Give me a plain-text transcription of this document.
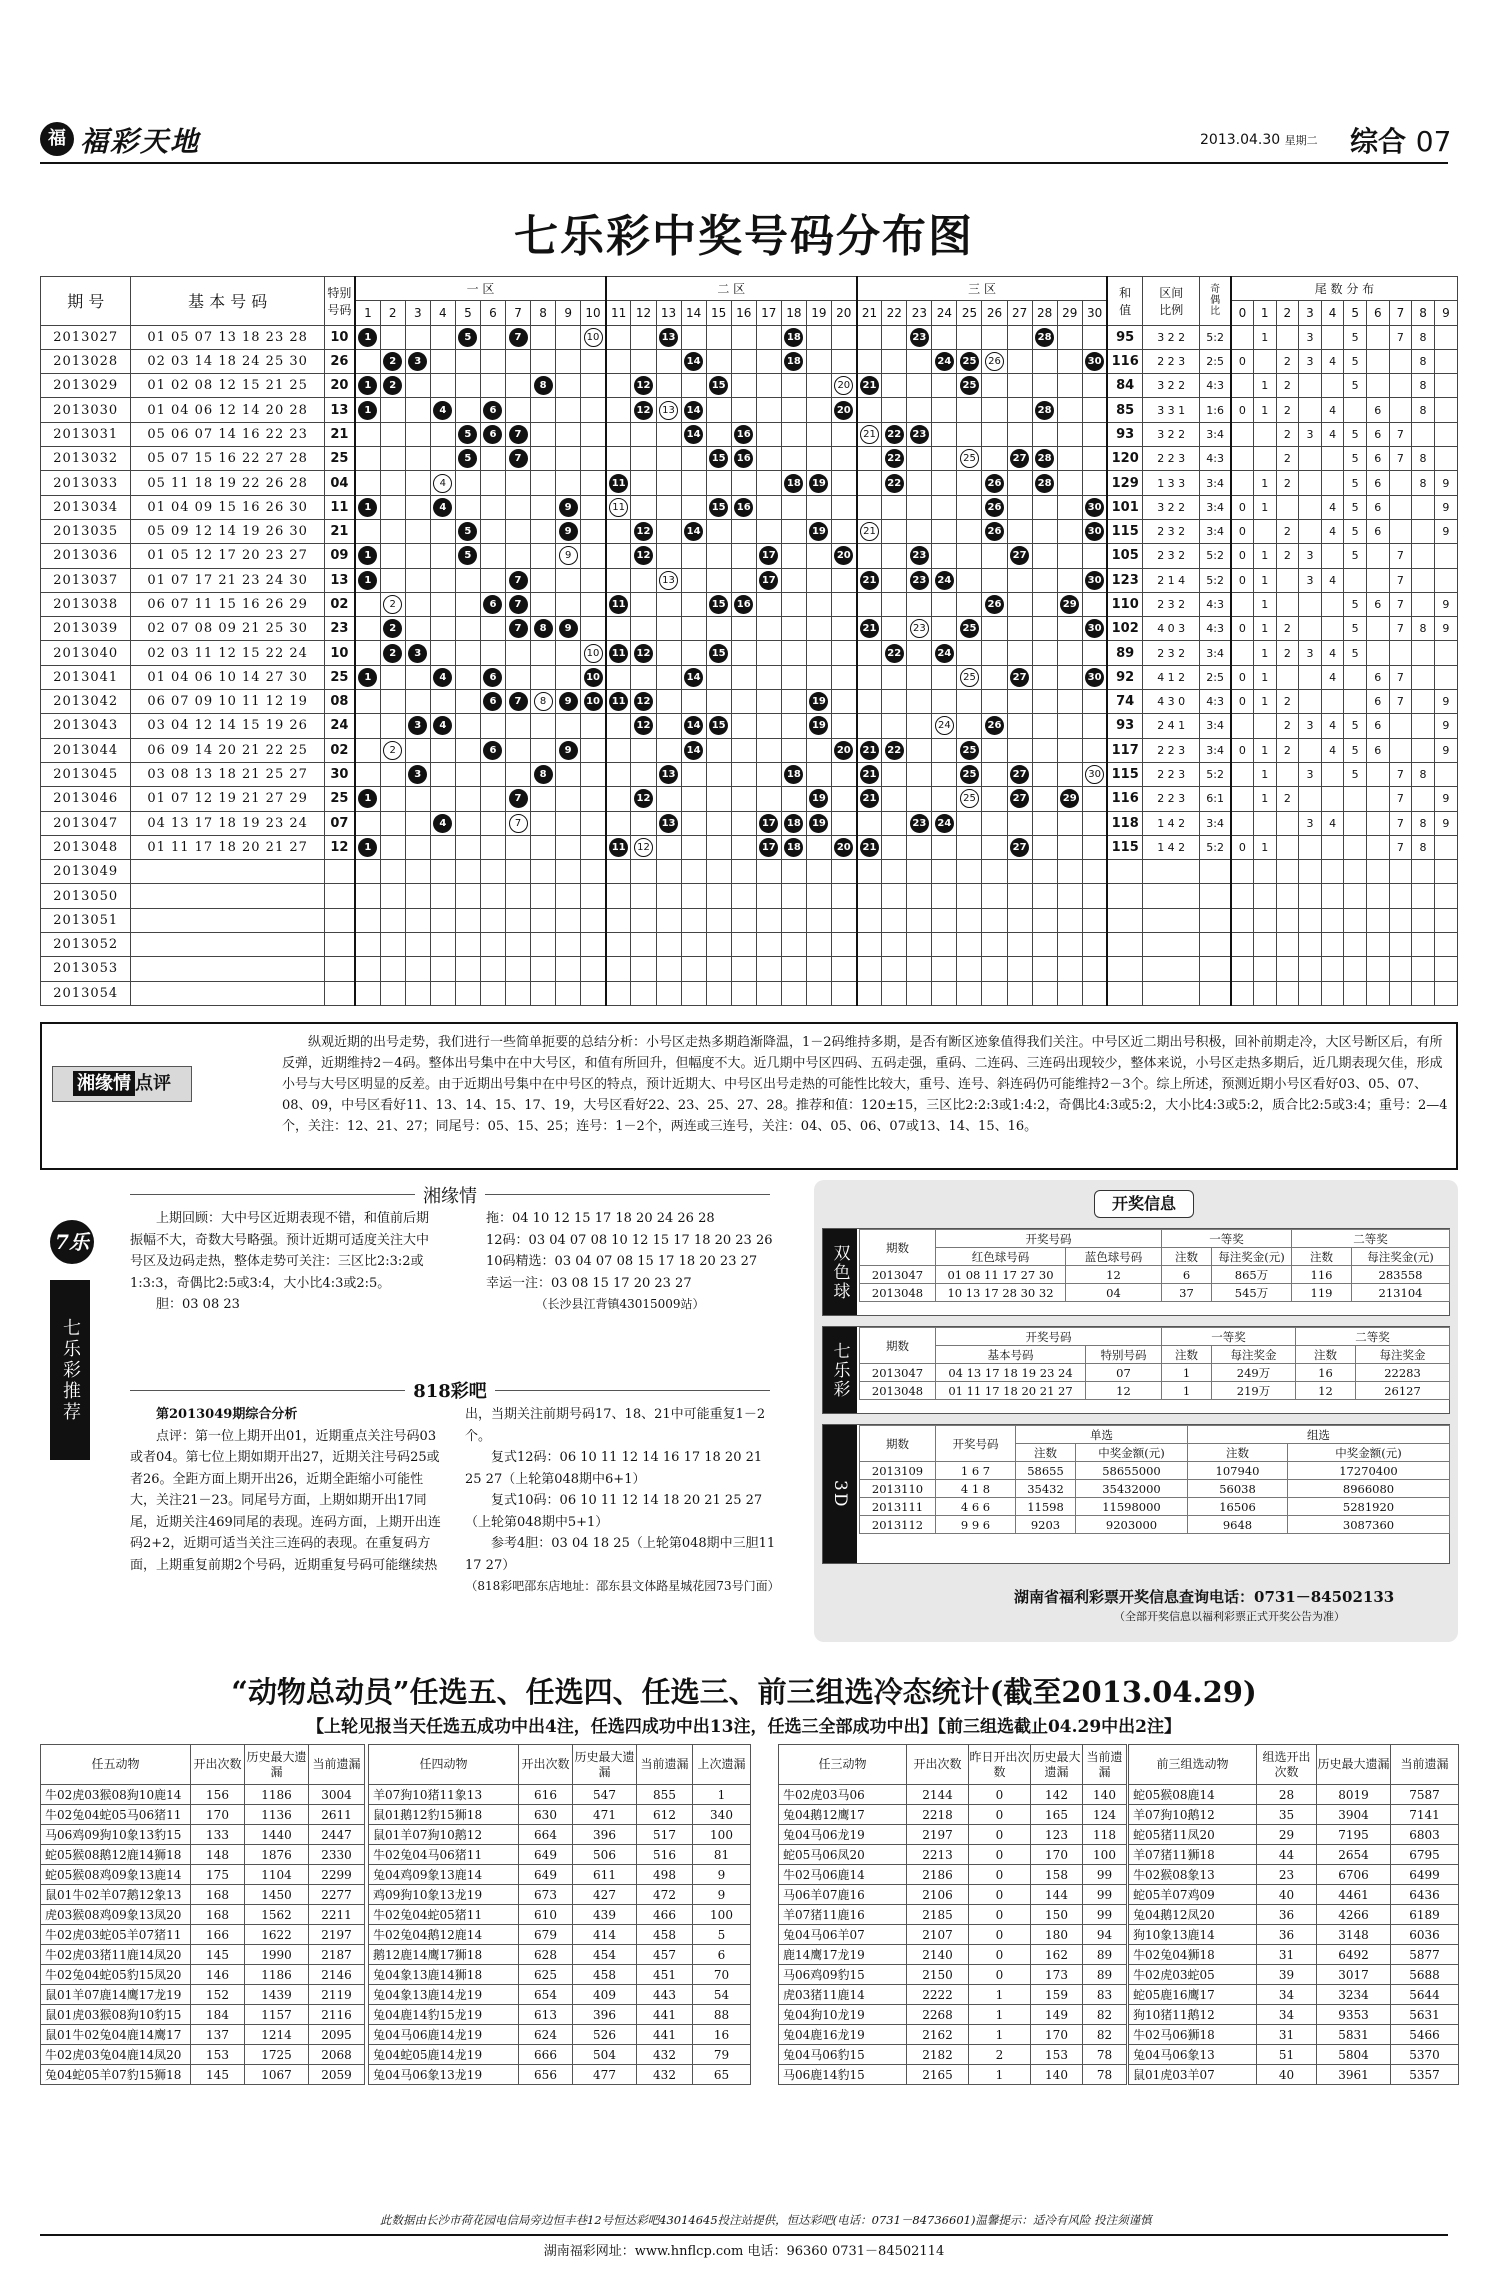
福 福彩天地	2013.04.30 星期二 综合 07
七乐彩中奖号码分布图
期 号	基 本 号 码	特别
号码	一 区										二 区										三 区										和
值	区间
比例	奇
偶
比	尾 数 分 布									
			1	2	3	4	5	6	7	8	9	10	11	12	13	14	15	16	17	18	19	20	21	22	23	24	25	26	27	28	29	30				0	1	2	3	4	5	6	7	8	9
2013027	01 05 07 13 18 23 28	10	1				5		7			10			13					18					23					28			95	3 2 2	5:2		1		3		5		7	8	
2013028	02 03 14 18 24 25 30	26		2	3											14				18						24	25	26				30	116	2 2 3	2:5	0		2	3	4	5			8	
2013029	01 02 08 12 15 21 25	20	1	2						8				12			15					20	21				25						84	3 2 2	4:3		1	2			5			8	
2013030	01 04 06 12 14 20 28	13	1			4		6						12	13	14						20								28			85	3 3 1	1:6	0	1	2		4		6		8	
2013031	05 06 07 14 16 22 23	21					5	6	7							14		16					21	22	23								93	3 2 2	3:4			2	3	4	5	6	7		
2013032	05 07 15 16 22 27 28	25					5		7								15	16						22			25		27	28			120	2 2 3	4:3			2			5	6	7	8	
2013033	05 11 18 19 22 26 28	04				4							11							18	19			22				26		28			129	1 3 3	3:4		1	2			5	6		8	9
2013034	01 04 09 15 16 26 30	11	1			4					9		11				15	16										26				30	101	3 2 2	3:4	0	1			4	5	6			9
2013035	05 09 12 14 19 26 30	21					5				9			12		14					19		21					26				30	115	2 3 2	3:4	0		2		4	5	6			9
2013036	01 05 12 17 20 23 27	09	1				5				9			12					17			20			23				27				105	2 3 2	5:2	0	1	2	3		5		7		
2013037	01 07 17 21 23 24 30	13	1						7						13				17				21		23	24						30	123	2 1 4	5:2	0	1		3	4			7		
2013038	06 07 11 15 16 26 29	02		2				6	7				11				15	16										26			29		110	2 3 2	4:3		1				5	6	7		9
2013039	02 07 08 09 21 25 30	23		2					7	8	9												21		23		25					30	102	4 0 3	4:3	0	1	2			5		7	8	9
2013040	02 03 11 12 15 22 24	10		2	3							10	11	12			15							22		24							89	2 3 2	3:4		1	2	3	4	5				
2013041	01 04 06 10 14 27 30	25	1			4		6				10				14											25		27			30	92	4 1 2	2:5	0	1			4		6	7		
2013042	06 07 09 10 11 12 19	08						6	7	8	9	10	11	12							19												74	4 3 0	4:3	0	1	2				6	7		9
2013043	03 04 12 14 15 19 26	24			3	4								12		14	15				19					24		26					93	2 4 1	3:4			2	3	4	5	6			9
2013044	06 09 14 20 21 22 25	02		2				6			9					14						20	21	22			25						117	2 2 3	3:4	0	1	2		4	5	6			9
2013045	03 08 13 18 21 25 27	30			3					8					13					18			21				25		27			30	115	2 2 3	5:2		1		3		5		7	8	
2013046	01 07 12 19 21 27 29	25	1						7					12							19		21				25		27		29		116	2 2 3	6:1		1	2					7		9
2013047	04 13 17 18 19 23 24	07				4			7						13				17	18	19				23	24							118	1 4 2	3:4				3	4			7	8	9
2013048	01 11 17 18 20 21 27	12	1										11	12					17	18		20	21						27				115	1 4 2	5:2	0	1						7	8	
2013049																																													
2013050																																													
2013051																																													
2013052																																													
2013053																																													
2013054																																													
湘缘情 点评
纵观近期的出号走势，我们进行一些简单扼要的总结分析：小号区走热多期趋渐降温，1－2码维持多期，是否有断区迹象值得我们关注。中号区近二期出号积极，回补前期走冷，大区号断区后，有所反弹，近期维持2－4码。整体出号集中在中大号区，和值有所回升，但幅度不大。近几期中号区四码、五码走强，重码、二连码、三连码出现较少，整体来说，小号区走热多期后，近几期表现欠佳，形成小号与大号区明显的反差。由于近期出号集中在中号区的特点，预计近期大、中号区出号走热的可能性比较大，重号、连号、斜连码仍可能维持2－3个。综上所述，预测近期小号区看好03、05、07、08、09，中号区看好11、13、14、15、17、19，大号区看好22、23、25、27、28。推荐和值：120±15，三区比2:2:3或1:4:2，奇偶比4:3或5:2，大小比4:3或5:2，质合比2:5或3:4；重号：2—4个，关注：12、21、27；同尾号：05、15、25；连号：1－2个，两连或三连号，关注：04、05、06、07或13、14、15、16。
7乐
七乐彩推荐
湘缘情

上期回顾：大中号区近期表现不错，和值前后期振幅不大，奇数大号略强。预计近期可适度关注大中号区及边码走热，整体走势可关注：三区比2:3:2或1:3:3，奇偶比2:5或3:4，大小比4:3或2:5。

胆：03 08 23

拖：04 10 12 15 17 18 20 24 26 28

12码：03 04 07 08 10 12 15 17 18 20 23 26

10码精选：03 04 07 08 15 17 18 20 23 27

幸运一注：03 08 15 17 20 23 27

（长沙县江背镇43015009站）

818彩吧

第2013049期综合分析

点评：第一位上期开出01，近期重点关注号码03或者04。第七位上期如期开出27，近期关注号码25或者26。全距方面上期开出26，近期全距缩小可能性大，关注21－23。同尾号方面，上期如期开出17同尾，近期关注469同尾的表现。连码方面，上期开出连码2+2，近期可适当关注三连码的表现。在重复码方面，上期重复前期2个号码，近期重复号码可能继续热出，当期关注前期号码17、18、21中可能重复1－2个。

复式12码：06 10 11 12 14 16 17 18 20 21 25 27（上轮第048期中6+1）

复式10码：06 10 11 12 14 18 20 21 25 27（上轮第048期中5+1）

参考4胆：03 04 18 25（上轮第048期中三胆11 17 27）

（818彩吧邵东店地址：邵东县文体路星城花园73号门面）

开奖信息
双色球	期数	开奖号码		一等奖		二等奖	
	红色球号码	蓝色球号码	注数	每注奖金(元)	注数	每注奖金(元)
2013047	01 08 11 17 27 30	12	6	865万	116	283558
2013048	10 13 17 28 30 32	04	37	545万	119	213104
七乐彩	期数	开奖号码		一等奖		二等奖	
	基本号码	特别号码	注数	每注奖金	注数	每注奖金
2013047	04 13 17 18 19 23 24	07	1	249万	16	22283
2013048	01 11 17 18 20 21 27	12	1	219万	12	26127
3D
期数	开奖号码	单选		组选	
		注数	中奖金额(元)	注数	中奖金额(元)
2013109	1 6 7	58655	58655000	107940	17270400
2013110	4 1 8	35432	35432000	56038	8966080
2013111	4 6 6	11598	11598000	16506	5281920
2013112	9 9 6	9203	9203000	9648	3087360
湖南省福利彩票开奖信息查询电话：0731－84502133
（全部开奖信息以福利彩票正式开奖公告为准）
“动物总动员”任选五、任选四、任选三、前三组选冷态统计(截至2013.04.29)
【上轮见报当天任选五成功中出4注，任选四成功中出13注，任选三全部成功中出】【前三组选截止04.29中出2注】
任五动物	开出次数	历史最大遗漏	当前遗漏
牛02虎03猴08狗10鹿14	156	1186	3004
牛02兔04蛇05马06猪11	170	1136	2611
马06鸡09狗10象13豹15	133	1440	2447
蛇05猴08鹅12鹿14狮18	148	1876	2330
蛇05猴08鸡09象13鹿14	175	1104	2299
鼠01牛02羊07鹅12象13	168	1450	2277
虎03猴08鸡09象13凤20	168	1562	2211
牛02虎03蛇05羊07猪11	166	1622	2197
牛02虎03猪11鹿14凤20	145	1990	2187
牛02兔04蛇05豹15凤20	146	1186	2146
鼠01羊07鹿14鹰17龙19	152	1439	2119
鼠01虎03猴08狗10豹15	184	1157	2116
鼠01牛02兔04鹿14鹰17	137	1214	2095
牛02虎03兔04鹿14凤20	153	1725	2068
兔04蛇05羊07豹15狮18	145	1067	2059
任四动物	开出次数	历史最大遗漏	当前遗漏	上次遗漏
羊07狗10猪11象13	616	547	855	1
鼠01鹅12豹15狮18	630	471	612	340
鼠01羊07狗10鹅12	664	396	517	100
牛02兔04马06猪11	649	506	516	81
兔04鸡09象13鹿14	649	611	498	9
鸡09狗10象13龙19	673	427	472	9
牛02兔04蛇05猪11	610	439	466	100
牛02兔04鹅12鹿14	679	414	458	5
鹅12鹿14鹰17狮18	628	454	457	6
兔04象13鹿14狮18	625	458	451	70
兔04象13鹿14龙19	654	409	443	54
兔04鹿14豹15龙19	613	396	441	88
兔04马06鹿14龙19	624	526	441	16
兔04蛇05鹿14龙19	666	504	432	79
兔04马06象13龙19	656	477	432	65
任三动物	开出次数	昨日开出次数	历史最大遗漏	当前遗漏
牛02虎03马06	2144	0	142	140
兔04鹅12鹰17	2218	0	165	124
兔04马06龙19	2197	0	123	118
蛇05马06凤20	2213	0	170	100
牛02马06鹿14	2186	0	158	99
马06羊07鹿16	2106	0	144	99
羊07猪11鹿16	2185	0	150	99
兔04马06羊07	2107	0	180	94
鹿14鹰17龙19	2140	0	162	89
马06鸡09豹15	2150	0	173	89
虎03猪11鹿14	2222	1	159	83
兔04狗10龙19	2268	1	149	82
兔04鹿16龙19	2162	1	170	82
兔04马06豹15	2182	2	153	78
马06鹿14豹15	2165	1	140	78
前三组选动物	组选开出次数	历史最大遗漏	当前遗漏
蛇05猴08鹿14	28	8019	7587
羊07狗10鹅12	35	3904	7141
蛇05猪11凤20	29	7195	6803
羊07猪11狮18	44	2654	6795
牛02猴08象13	23	6706	6499
蛇05羊07鸡09	40	4461	6436
兔04鹅12凤20	36	4266	6189
狗10象13鹿14	36	3148	6036
牛02兔04狮18	31	6492	5877
牛02虎03蛇05	39	3017	5688
蛇05鹿16鹰17	34	3234	5644
狗10猪11鹅12	34	9353	5631
牛02马06狮18	31	5831	5466
兔04马06象13	51	5804	5370
鼠01虎03羊07	40	3961	5357
此数据由长沙市荷花园电信局旁边恒丰巷12号恒达彩吧43014645投注站提供，恒达彩吧(电话：0731－84736601)温馨提示：适冷有风险 投注须谨慎
湖南福彩网址：www.hnflcp.com 电话：96360 0731－84502114
